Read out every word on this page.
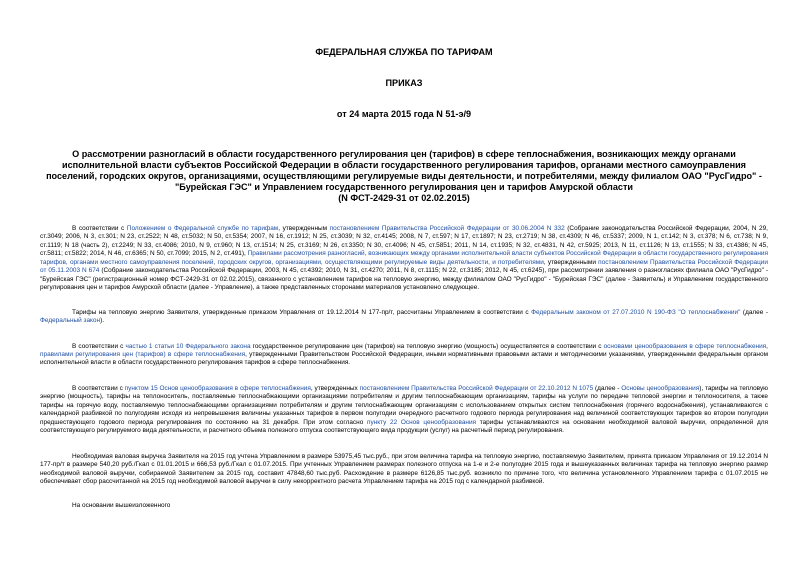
ФЕДЕРАЛЬНАЯ СЛУЖБА ПО ТАРИФАМ

ПРИКАЗ

от 24 марта 2015 года N 51-э/9

О рассмотрении разногласий в области государственного регулирования цен (тарифов) в сфере теплоснабжения, возникающих между органами исполнительной власти субъектов Российской Федерации в области государственного регулирования тарифов, органами местного самоуправления поселений, городских округов, организациями, осуществляющими регулируемые виды деятельности, и потребителями, между филиалом ОАО "РусГидро" - "Бурейская ГЭС" и Управлением государственного регулирования цен и тарифов Амурской области
(N ФСТ-2429-31 от 02.02.2015)

В соответствии с Положением о Федеральной службе по тарифам, утвержденным постановлением Правительства Российской Федерации от 30.06.2004 N 332 (Собрание законодательства Российской Федерации, 2004, N 29, ст.3049; 2006, N 3, ст.301; N 23, ст.2522; N 48, ст.5032; N 50, ст.5354; 2007, N 16, ст.1912; N 25, ст.3039; N 32, ст.4145; 2008, N 7, ст.597; N 17, ст.1897; N 23, ст.2719; N 38, ст.4309; N 46, ст.5337; 2009, N 1, ст.142; N 3, ст.378; N 6, ст.738; N 9, ст.1119; N 18 (часть 2), ст.2249; N 33, ст.4086; 2010, N 9, ст.960; N 13, ст.1514; N 25, ст.3169; N 26, ст.3350; N 30, ст.4096; N 45, ст.5851; 2011, N 14, ст.1935; N 32, ст.4831, N 42, ст.5925; 2013, N 11, ст.1126; N 13, ст.1555; N 33, ст.4386; N 45, ст.5811; ст.5822; 2014, N 46, ст.6365; N 50, ст.7099; 2015, N 2, ст.491), Правилами рассмотрения разногласий, возникающих между органами исполнительной власти субъектов Российской Федерации в области государственного регулирования тарифов, органами местного самоуправления поселений, городских округов, организациями, осуществляющими регулируемые виды деятельности, и потребителями, утвержденными постановлением Правительства Российской Федерации от 05.11.2003 N 674 (Собрание законодательства Российской Федерации, 2003, N 45, ст.4392; 2010, N 31, ст.4270; 2011, N 8, ст.1115; N 22, ст.3185; 2012, N 45, ст.6245), при рассмотрении заявления о разногласиях филиала ОАО "РусГидро" - "Бурейская ГЭС" (регистрационный номер ФСТ-2429-31 от 02.02.2015), связанного с установлением тарифов на тепловую энергию, между филиалом ОАО "РусГидро" - "Бурейская ГЭС" (далее - Заявитель) и Управлением государственного регулирования цен и тарифов Амурской области (далее - Управление), а также представленных сторонами материалов установлено следующее.

Тарифы на тепловую энергию Заявителя, утвержденные приказом Управления от 19.12.2014 N 177-пр/т, рассчитаны Управлением в соответствии с Федеральным законом от 27.07.2010 N 190-ФЗ "О теплоснабжении" (далее - Федеральный закон).

В соответствии с частью 1 статьи 10 Федерального закона государственное регулирование цен (тарифов) на тепловую энергию (мощность) осуществляется в соответствии с основами ценообразования в сфере теплоснабжения, правилами регулирования цен (тарифов) в сфере теплоснабжения, утвержденными Правительством Российской Федерации, иными нормативными правовыми актами и методическими указаниями, утвержденными федеральным органом исполнительной власти в области государственного регулирования тарифов в сфере теплоснабжения.

В соответствии с пунктом 15 Основ ценообразования в сфере теплоснабжения, утвержденных постановлением Правительства Российской Федерации от 22.10.2012 N 1075 (далее - Основы ценообразования), тарифы на тепловую энергию (мощность), тарифы на теплоноситель, поставляемые теплоснабжающими организациями потребителям и другим теплоснабжающим организациям, тарифы на услуги по передаче тепловой энергии и теплоносителя, а также тарифы на горячую воду, поставляемую теплоснабжающими организациями потребителям и другим теплоснабжающим организациям с использованием открытых систем теплоснабжения (горячего водоснабжения), устанавливаются с календарной разбивкой по полугодиям исходя из непревышения величины указанных тарифов в первом полугодии очередного расчетного годового периода регулирования над величиной соответствующих тарифов во втором полугодии предшествующего годового периода регулирования по состоянию на 31 декабря. При этом согласно пункту 22 Основ ценообразования тарифы устанавливаются на основании необходимой валовой выручки, определенной для соответствующего регулируемого вида деятельности, и расчетного объема полезного отпуска соответствующего вида продукции (услуг) на расчетный период регулирования.

Необходимая валовая выручка Заявителя на 2015 год учтена Управлением в размере 53975,45 тыс.руб., при этом величина тарифа на тепловую энергию, поставляемую Заявителем, принята приказом Управления от 19.12.2014 N 177-пр/т в размере 540,20 руб./Гкал с 01.01.2015 и 666,53 руб./Гкал с 01.07.2015. При учтенных Управлением размерах полезного отпуска на 1-е и 2-е полугодие 2015 года и вышеуказанных величинах тарифа на тепловую энергию размер необходимой валовой выручки, собираемой Заявителем за 2015 год, составит 47848,60 тыс.руб. Расхождение в размере 6126,85 тыс.руб. возникло по причине того, что величина установленного Управлением тарифа с 01.07.2015 не обеспечивает сбор рассчитанной на 2015 год необходимой валовой выручки в силу некорректного расчета Управлением тарифа на 2015 год с календарной разбивкой.

На основании вышеизложенного
